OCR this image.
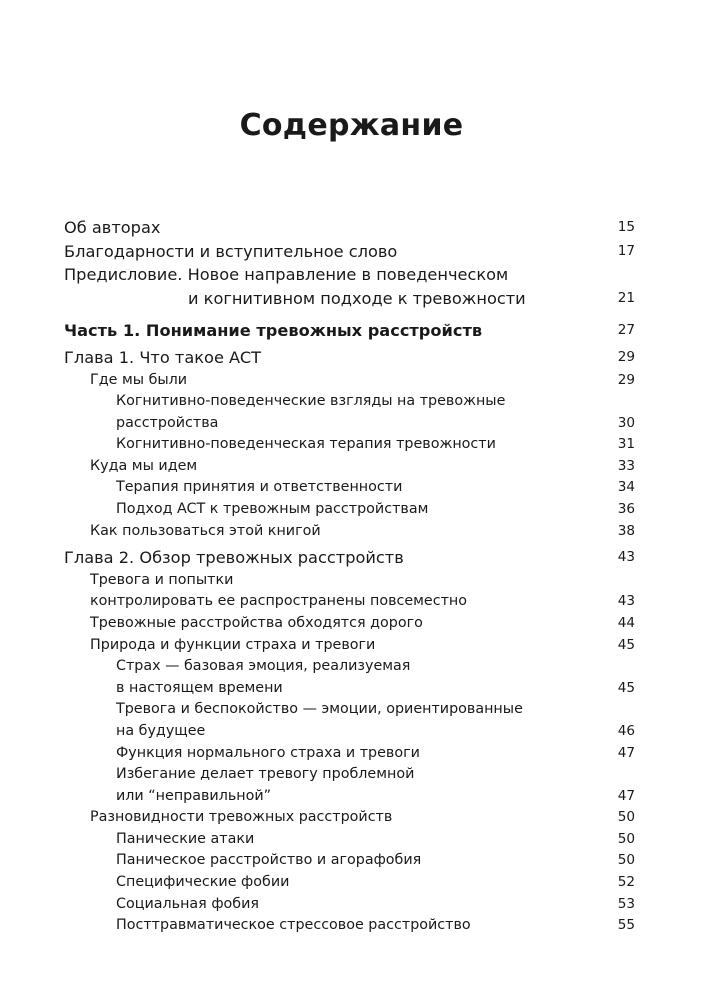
Содержание
Об авторах	15
Благодарности и вступительное слово	17
Предисловие. Новое направление в поведенческом
и когнитивном подходе к тревожности	21
Часть 1. Понимание тревожных расстройств	27
Глава 1. Что такое ACT	29
Где мы были	29
Когнитивно-поведенческие взгляды на тревожные
расстройства	30
Когнитивно-поведенческая терапия тревожности	31
Куда мы идем	33
Терапия принятия и ответственности	34
Подход ACT к тревожным расстройствам	36
Как пользоваться этой книгой	38
Глава 2. Обзор тревожных расстройств	43
Тревога и попытки
контролировать ее распространены повсеместно	43
Тревожные расстройства обходятся дорого	44
Природа и функции страха и тревоги	45
Страх — базовая эмоция, реализуемая
в настоящем времени	45
Тревога и беспокойство — эмоции, ориентированные
на будущее	46
Функция нормального страха и тревоги	47
Избегание делает тревогу проблемной
или “неправильной”	47
Разновидности тревожных расстройств	50
Панические атаки	50
Паническое расстройство и агорафобия	50
Специфические фобии	52
Социальная фобия	53
Посттравматическое стрессовое расстройство	55
